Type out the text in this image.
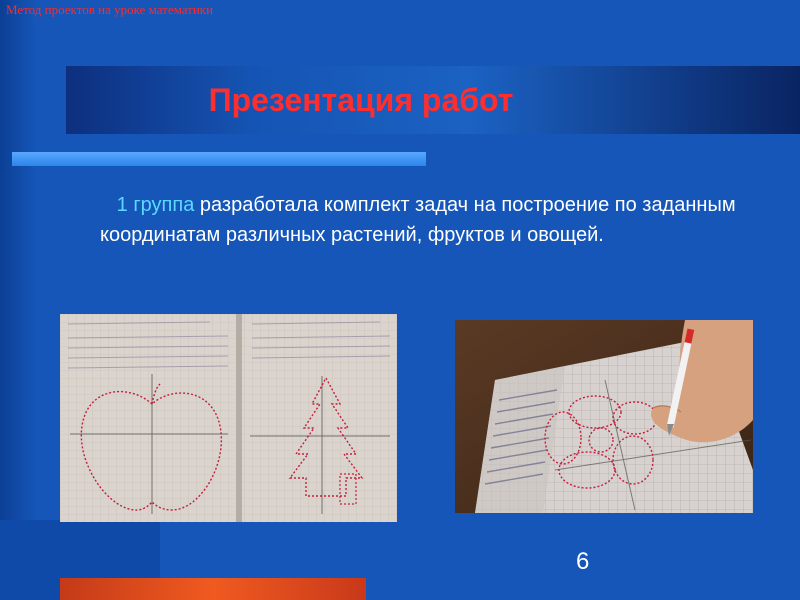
Метод проектов на уроке математики

Презентация работ

1 группа разработала комплект задач на построение по заданным координатам различных растений, фруктов и овощей.

6
